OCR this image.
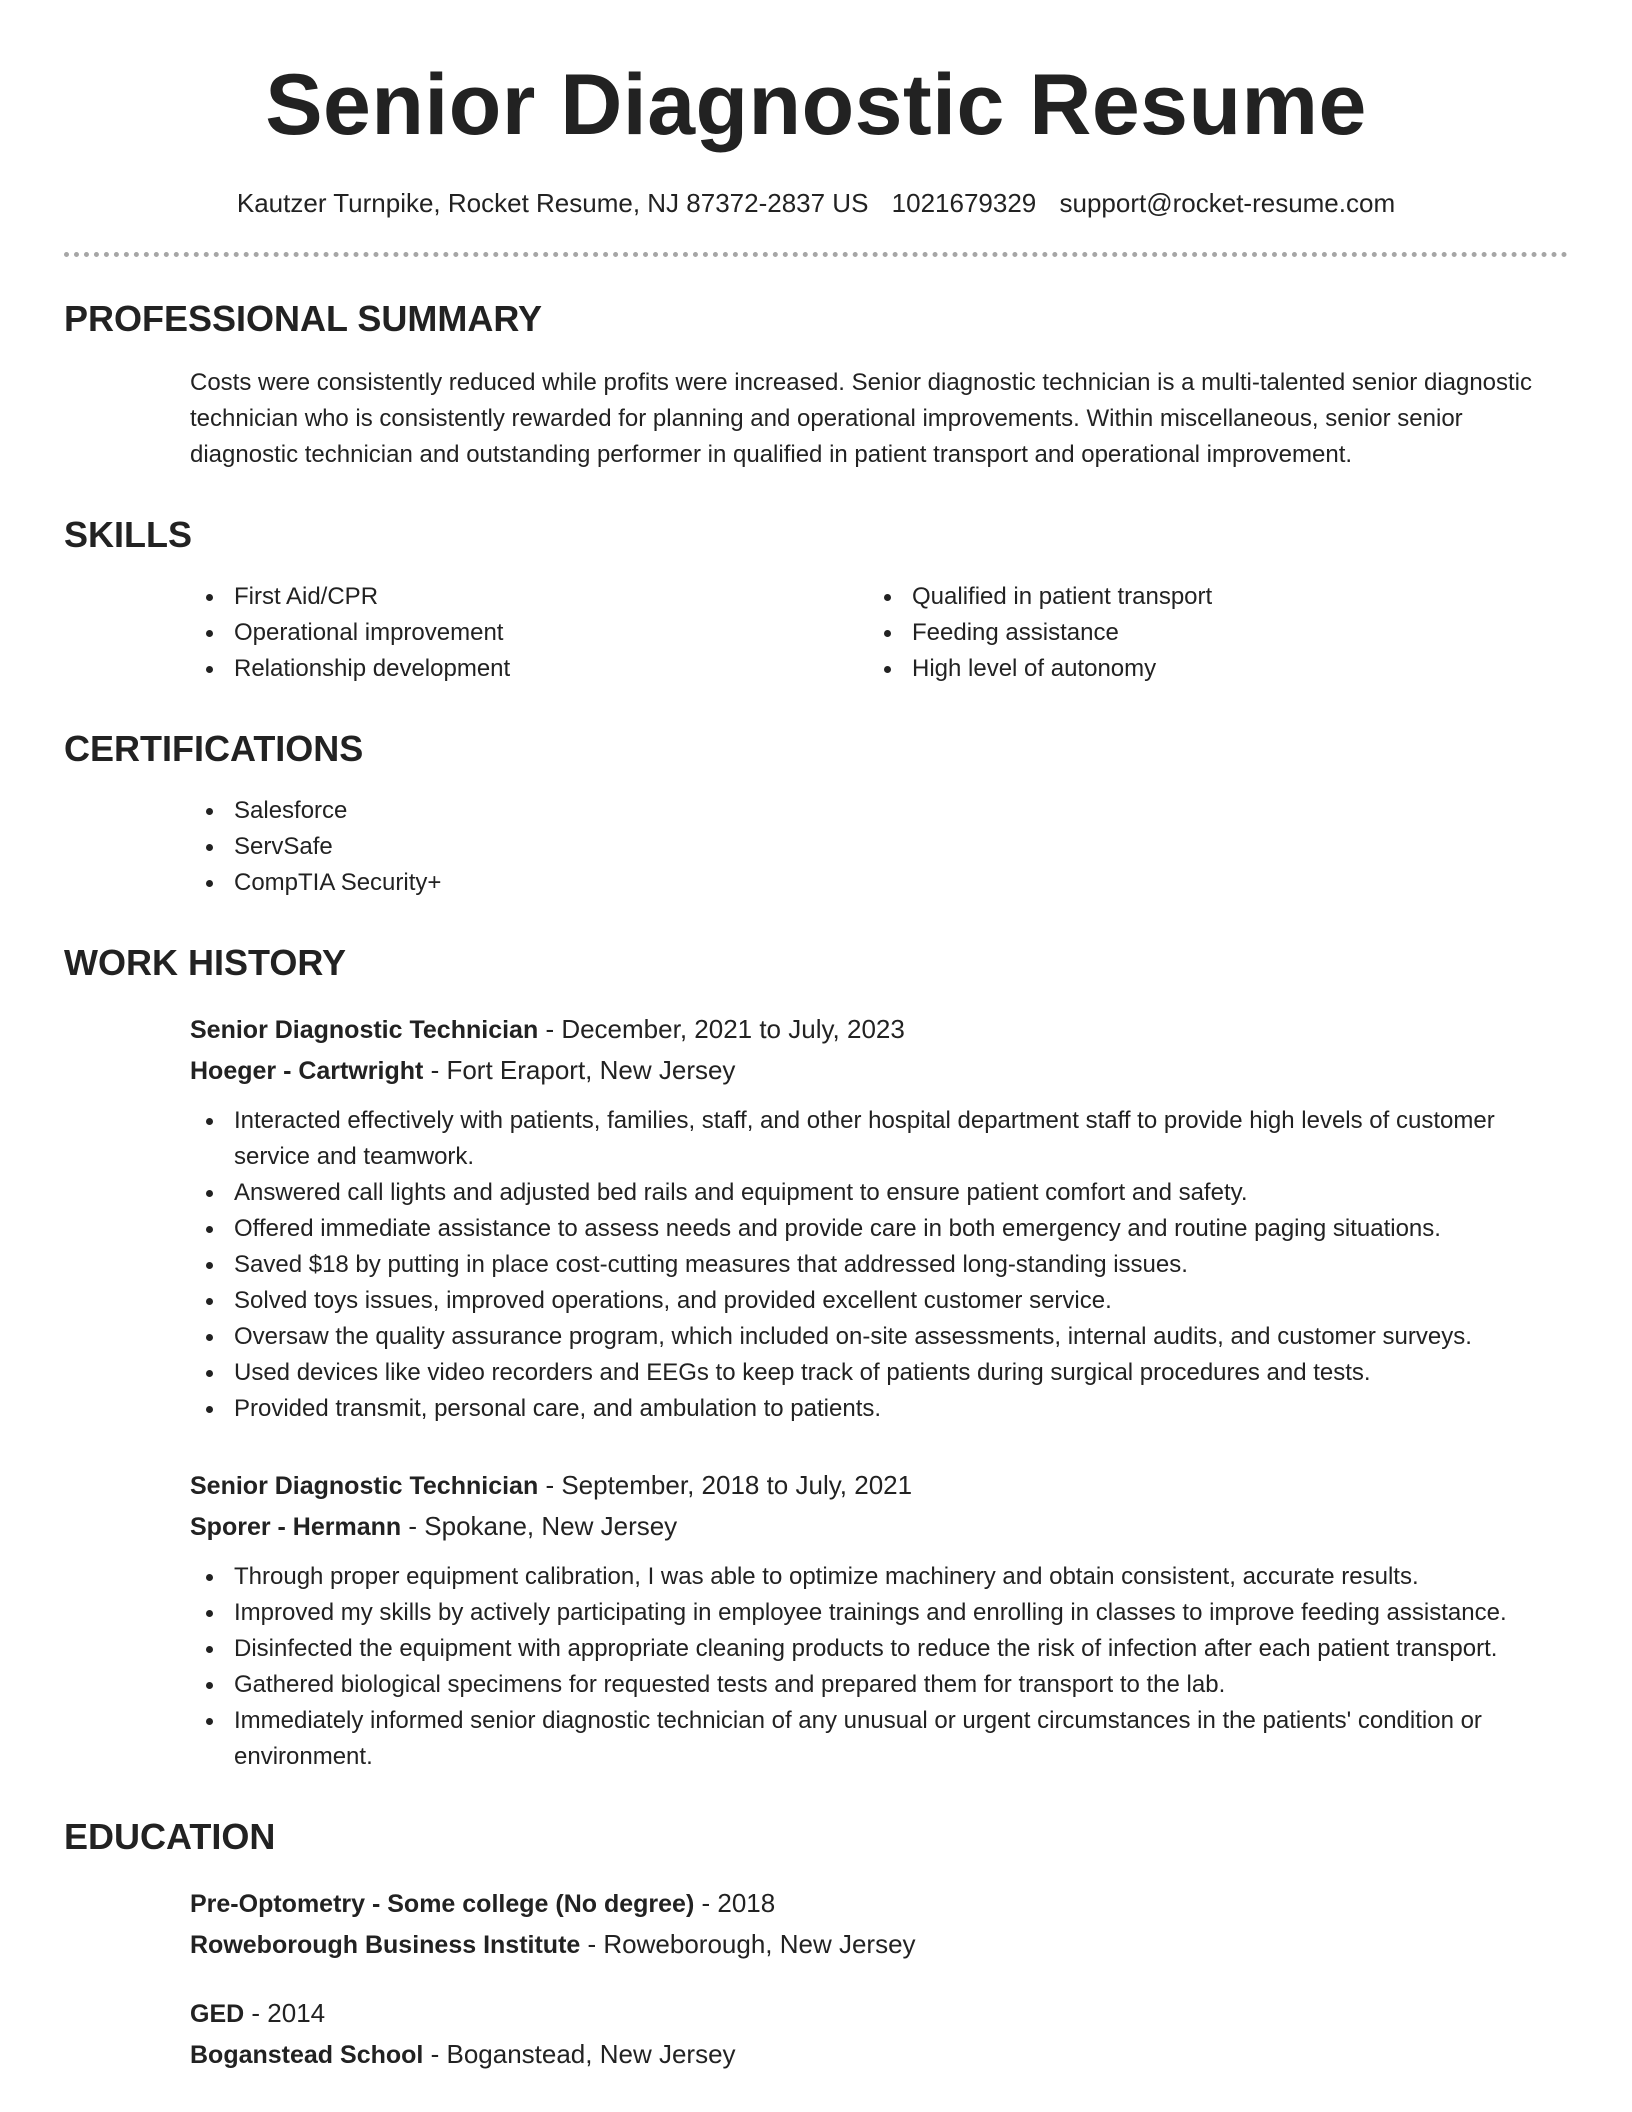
Senior Diagnostic Resume
Kautzer Turnpike, Rocket Resume, NJ 87372-2837 US 1021679329 support@rocket-resume.com
PROFESSIONAL SUMMARY

Costs were consistently reduced while profits were increased. Senior diagnostic technician is a multi-talented senior diagnostic technician who is consistently rewarded for planning and operational improvements. Within miscellaneous, senior senior diagnostic technician and outstanding performer in qualified in patient transport and operational improvement.

SKILLS
First Aid/CPR
Operational improvement
Relationship development
Qualified in patient transport
Feeding assistance
High level of autonomy
CERTIFICATIONS
Salesforce
ServSafe
CompTIA Security+
WORK HISTORY
Senior Diagnostic Technician - December, 2021 to July, 2023
Hoeger - Cartwright - Fort Eraport, New Jersey
Interacted effectively with patients, families, staff, and other hospital department staff to provide high levels of customer service and teamwork.
Answered call lights and adjusted bed rails and equipment to ensure patient comfort and safety.
Offered immediate assistance to assess needs and provide care in both emergency and routine paging situations.
Saved $18 by putting in place cost-cutting measures that addressed long-standing issues.
Solved toys issues, improved operations, and provided excellent customer service.
Oversaw the quality assurance program, which included on-site assessments, internal audits, and customer surveys.
Used devices like video recorders and EEGs to keep track of patients during surgical procedures and tests.
Provided transmit, personal care, and ambulation to patients.
Senior Diagnostic Technician - September, 2018 to July, 2021
Sporer - Hermann - Spokane, New Jersey
Through proper equipment calibration, I was able to optimize machinery and obtain consistent, accurate results.
Improved my skills by actively participating in employee trainings and enrolling in classes to improve feeding assistance.
Disinfected the equipment with appropriate cleaning products to reduce the risk of infection after each patient transport.
Gathered biological specimens for requested tests and prepared them for transport to the lab.
Immediately informed senior diagnostic technician of any unusual or urgent circumstances in the patients' condition or environment.
EDUCATION
Pre-Optometry - Some college (No degree) - 2018
Roweborough Business Institute - Roweborough, New Jersey
GED - 2014
Boganstead School - Boganstead, New Jersey
